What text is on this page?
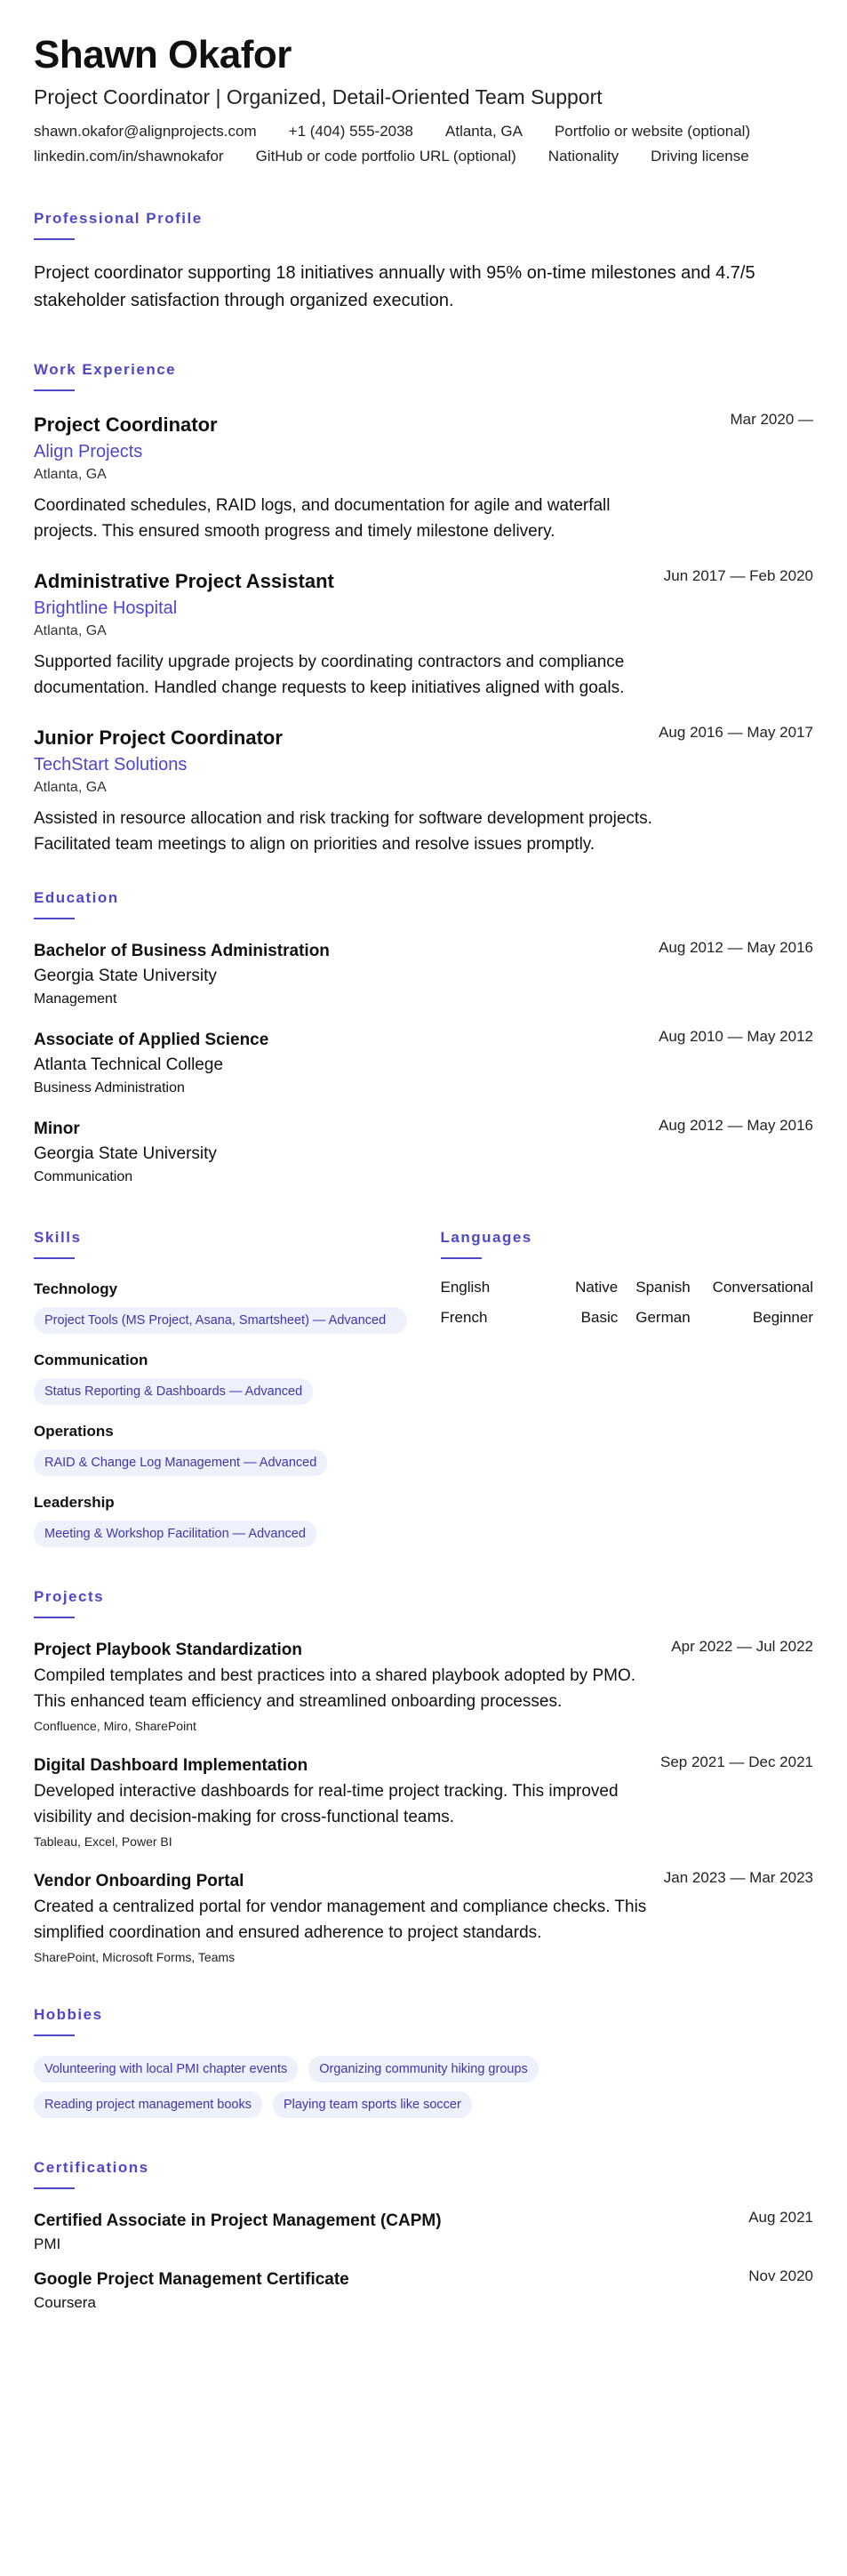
Shawn Okafor
Project Coordinator | Organized, Detail-Oriented Team Support
shawn.okafor@alignprojects.com +1 (404) 555-2038 Atlanta, GA Portfolio or website (optional)
linkedin.com/in/shawnokafor GitHub or code portfolio URL (optional) Nationality Driving license
Professional Profile
Project coordinator supporting 18 initiatives annually with 95% on-time milestones and 4.7/5 stakeholder satisfaction through organized execution.
Work Experience
Mar 2020 —
Project Coordinator
Align Projects
Atlanta, GA
Coordinated schedules, RAID logs, and documentation for agile and waterfall projects. This ensured smooth progress and timely milestone delivery.
Jun 2017 — Feb 2020
Administrative Project Assistant
Brightline Hospital
Atlanta, GA
Supported facility upgrade projects by coordinating contractors and compliance documentation. Handled change requests to keep initiatives aligned with goals.
Aug 2016 — May 2017
Junior Project Coordinator
TechStart Solutions
Atlanta, GA
Assisted in resource allocation and risk tracking for software development projects. Facilitated team meetings to align on priorities and resolve issues promptly.
Education
Aug 2012 — May 2016
Bachelor of Business Administration
Georgia State University
Management
Aug 2010 — May 2012
Associate of Applied Science
Atlanta Technical College
Business Administration
Aug 2012 — May 2016
Minor
Georgia State University
Communication
Skills
Technology
Project Tools (MS Project, Asana, Smartsheet) — Advanced
Communication
Status Reporting & Dashboards — Advanced
Operations
RAID & Change Log Management — Advanced
Leadership
Meeting & Workshop Facilitation — Advanced
Languages
English	Native Spanish Conversational
French	Basic German	Beginner
Projects
Apr 2022 — Jul 2022
Project Playbook Standardization
Compiled templates and best practices into a shared playbook adopted by PMO. This enhanced team efficiency and streamlined onboarding processes.
Confluence, Miro, SharePoint
Sep 2021 — Dec 2021
Digital Dashboard Implementation
Developed interactive dashboards for real-time project tracking. This improved visibility and decision-making for cross-functional teams.
Tableau, Excel, Power BI
Jan 2023 — Mar 2023
Vendor Onboarding Portal
Created a centralized portal for vendor management and compliance checks. This simplified coordination and ensured adherence to project standards.
SharePoint, Microsoft Forms, Teams
Hobbies
Volunteering with local PMI chapter events	Organizing community hiking groups
Reading project management books	Playing team sports like soccer
Certifications
Aug 2021
Certified Associate in Project Management (CAPM)
PMI
Nov 2020
Google Project Management Certificate
Coursera
